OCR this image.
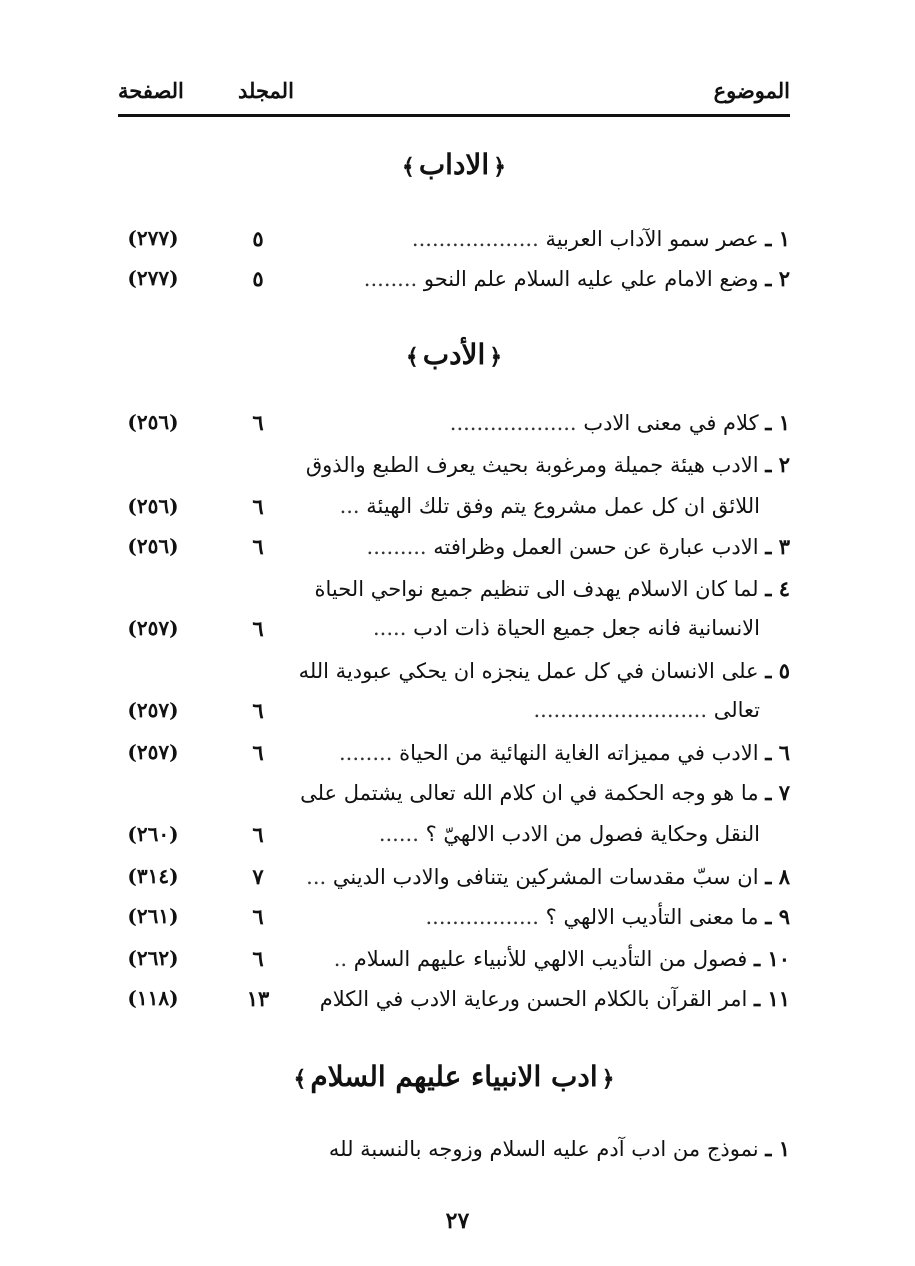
الموضوع
المجلد
الصفحة
﴿الاداب﴾
١ ـ عصر سمو الآداب العربية ...................
٥
(٢٧٧)
٢ ـ وضع الامام علي عليه السلام علم النحو ........
٥
(٢٧٧)
﴿الأدب﴾
١ ـ كلام في معنى الادب ...................
٦
(٢٥٦)
٢ ـ الادب هيئة جميلة ومرغوبة بحيث يعرف الطبع والذوق
اللائق ان كل عمل مشروع يتم وفق تلك الهيئة ...
٦
(٢٥٦)
٣ ـ الادب عبارة عن حسن العمل وظرافته .........
٦
(٢٥٦)
٤ ـ لما كان الاسلام يهدف الى تنظيم جميع نواحي الحياة
الانسانية فانه جعل جميع الحياة ذات ادب .....
٦
(٢٥٧)
٥ ـ على الانسان في كل عمل ينجزه ان يحكي عبودية الله
تعالى ..........................
٦
(٢٥٧)
٦ ـ الادب في مميزاته الغاية النهائية من الحياة ........
٦
(٢٥٧)
٧ ـ ما هو وجه الحكمة في ان كلام الله تعالى يشتمل على
النقل وحكاية فصول من الادب الالهيّ ؟ ......
٦
(٢٦٠)
٨ ـ ان سبّ مقدسات المشركين يتنافى والادب الديني ...
٧
(٣١٤)
٩ ـ ما معنى التأديب الالهي ؟ .................
٦
(٢٦١)
١٠ ـ فصول من التأديب الالهي للأنبياء عليهم السلام ..
٦
(٢٦٢)
١١ ـ امر القرآن بالكلام الحسن ورعاية الادب في الكلام
١٣
(١١٨)
﴿ادب الانبياء عليهم السلام﴾
١ ـ نموذج من ادب آدم عليه السلام وزوجه بالنسبة لله
٢٧
